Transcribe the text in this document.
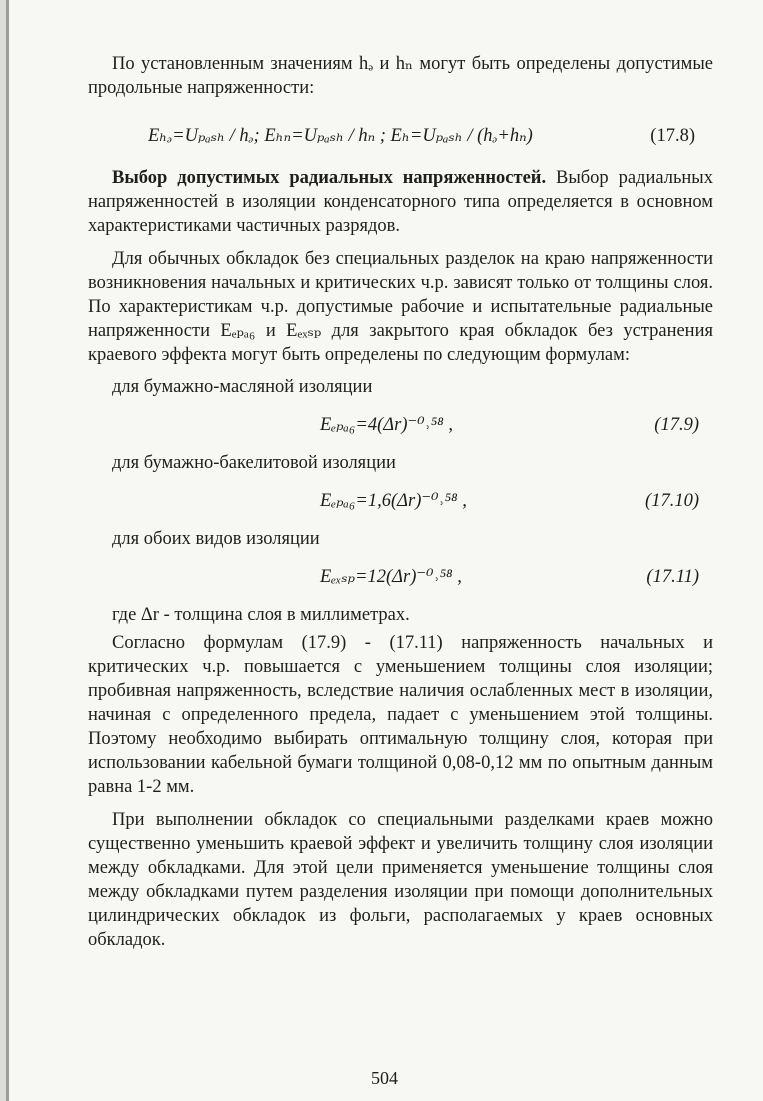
По установленным значениям hₔ и hₙ могут быть определены допустимые продольные напряженности:

Eₕₔ=Uₚₐₛₕ / hₔ; Eₕₙ=Uₚₐₛₕ / hₙ ; Eₕ=Uₚₐₛₕ / (hₔ+hₙ)	(17.8)

Выбор допустимых радиальных напряженностей. Выбор радиальных напряженностей в изоляции конденсаторного типа определяется в основном характеристиками частичных разрядов.

Для обычных обкладок без специальных разделок на краю напряженности возникновения начальных и критических ч.р. зависят только от толщины слоя. По характеристикам ч.р. допустимые рабочие и испытательные радиальные напряженности Eₑₚₐ₆ и Eₑₓₛₚ для закрытого края обкладок без устранения краевого эффекта могут быть определены по следующим формулам:

для бумажно-масляной изоляции

Eₑₚₐ₆=4(Δr)⁻⁰˒⁵⁸ ,	(17.9)

для бумажно-бакелитовой изоляции

Eₑₚₐ₆=1,6(Δr)⁻⁰˒⁵⁸ ,	(17.10)

для обоих видов изоляции

Eₑₓₛₚ=12(Δr)⁻⁰˒⁵⁸ ,	(17.11)

где Δr - толщина слоя в миллиметрах.

Согласно формулам (17.9) - (17.11) напряженность начальных и критических ч.р. повышается с уменьшением толщины слоя изоляции; пробивная напряженность, вследствие наличия ослабленных мест в изоляции, начиная с определенного предела, падает с уменьшением этой толщины. Поэтому необходимо выбирать оптимальную толщину слоя, которая при использовании кабельной бумаги толщиной 0,08-0,12 мм по опытным данным равна 1-2 мм.

При выполнении обкладок со специальными разделками краев можно существенно уменьшить краевой эффект и увеличить толщину слоя изоляции между обкладками. Для этой цели применяется уменьшение толщины слоя между обкладками путем разделения изоляции при помощи дополнительных цилиндрических обкладок из фольги, располагаемых у краев основных обкладок.

504
